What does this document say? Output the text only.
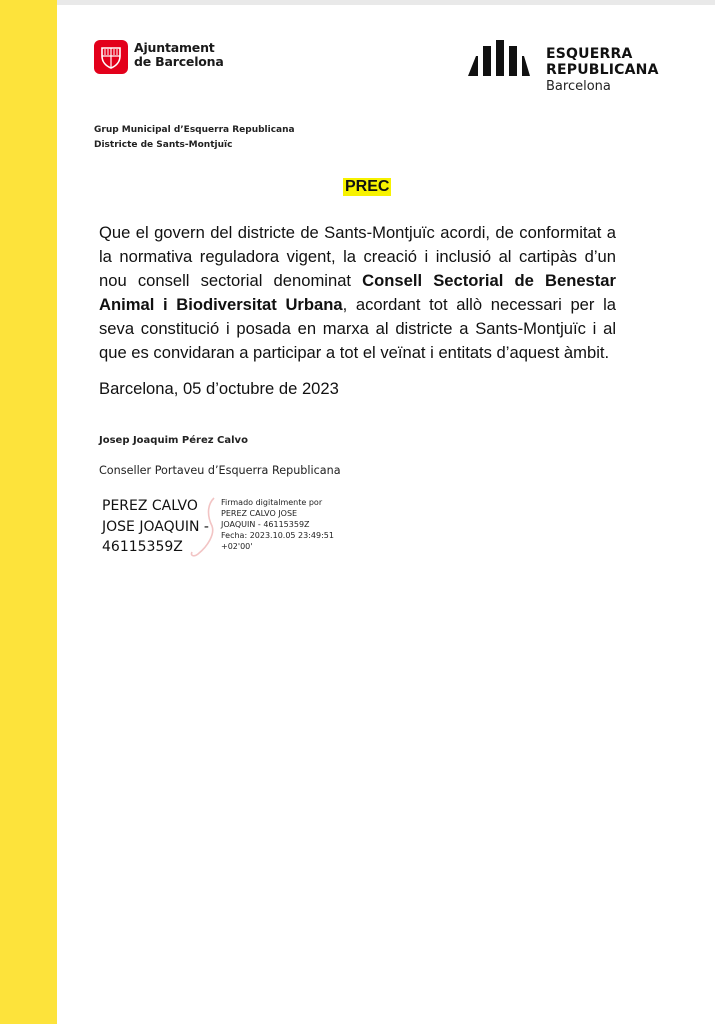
Ajuntament
de Barcelona	ESQUERRA
REPUBLICANA
Barcelona
Grup Municipal d’Esquerra Republicana
Districte de Sants-Montjuïc
PREC
Que el govern del districte de Sants-Montjuïc acordi, de conformitat a la normativa reguladora vigent, la creació i inclusió al cartipàs d’un nou consell sectorial denominat Consell Sectorial de Benestar Animal i Biodiversitat Urbana, acordant tot allò necessari per la seva constitució i posada en marxa al districte a Sants-Montjuïc i al que es convidaran a participar a tot el veïnat i entitats d’aquest àmbit.
Barcelona, 05 d’octubre de 2023
Josep Joaquim Pérez Calvo
Conseller Portaveu d’Esquerra Republicana
PEREZ CALVO
JOSE JOAQUIN -
46115359Z
Firmado digitalmente por
PEREZ CALVO JOSE
JOAQUIN - 46115359Z
Fecha: 2023.10.05 23:49:51
+02'00'
